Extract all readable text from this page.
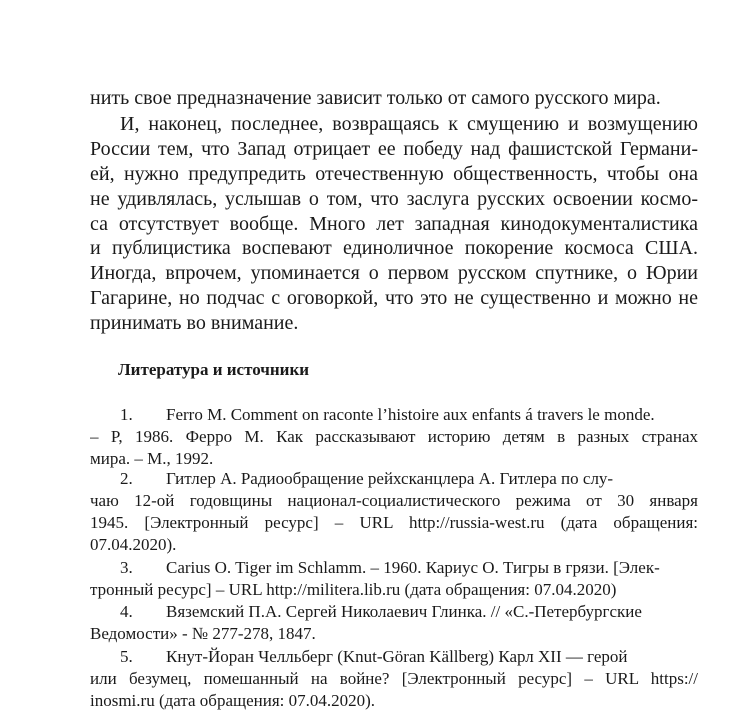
нить свое предназначение зависит только от самого русского мира.
И, наконец, последнее, возвращаясь к смущению и возмущению
России тем, что Запад отрицает ее победу над фашистской Германи-
ей, нужно предупредить отечественную общественность, чтобы она
не удивлялась, услышав о том, что заслуга русских освоении космо-
са отсутствует вообще. Много лет западная кинодокументалистика
и публицистика воспевают единоличное покорение космоса США.
Иногда, впрочем, упоминается о первом русском спутнике, о Юрии
Гагарине, но подчас с оговоркой, что это не существенно и можно не
принимать во внимание.
Литература и источники
1. Ferro M. Comment on raconte l’histoire aux enfants á travers le monde.
– P, 1986. Ферро М. Как рассказывают историю детям в разных странах
мира. – М., 1992.
2. Гитлер А. Радиообращение рейхсканцлера А. Гитлера по слу-
чаю 12-ой годовщины национал-социалистического режима от 30 января
1945. [Электронный ресурс] – URL http://russia-west.ru (дата обращения:
07.04.2020).
3. Carius O. Tiger im Schlamm. – 1960. Кариус О. Тигры в грязи. [Элек-
тронный ресурс] – URL http://militera.lib.ru (дата обращения: 07.04.2020)
4. Вяземский П.А. Сергей Николаевич Глинка. // «С.-Петербургские
Ведомости» - № 277-278, 1847.
5. Кнут-Йоран Челльберг (Knut-Göran Källberg) Карл XII — герой
или безумец, помешанный на войне? [Электронный ресурс] – URL https://
inosmi.ru (дата обращения: 07.04.2020).
